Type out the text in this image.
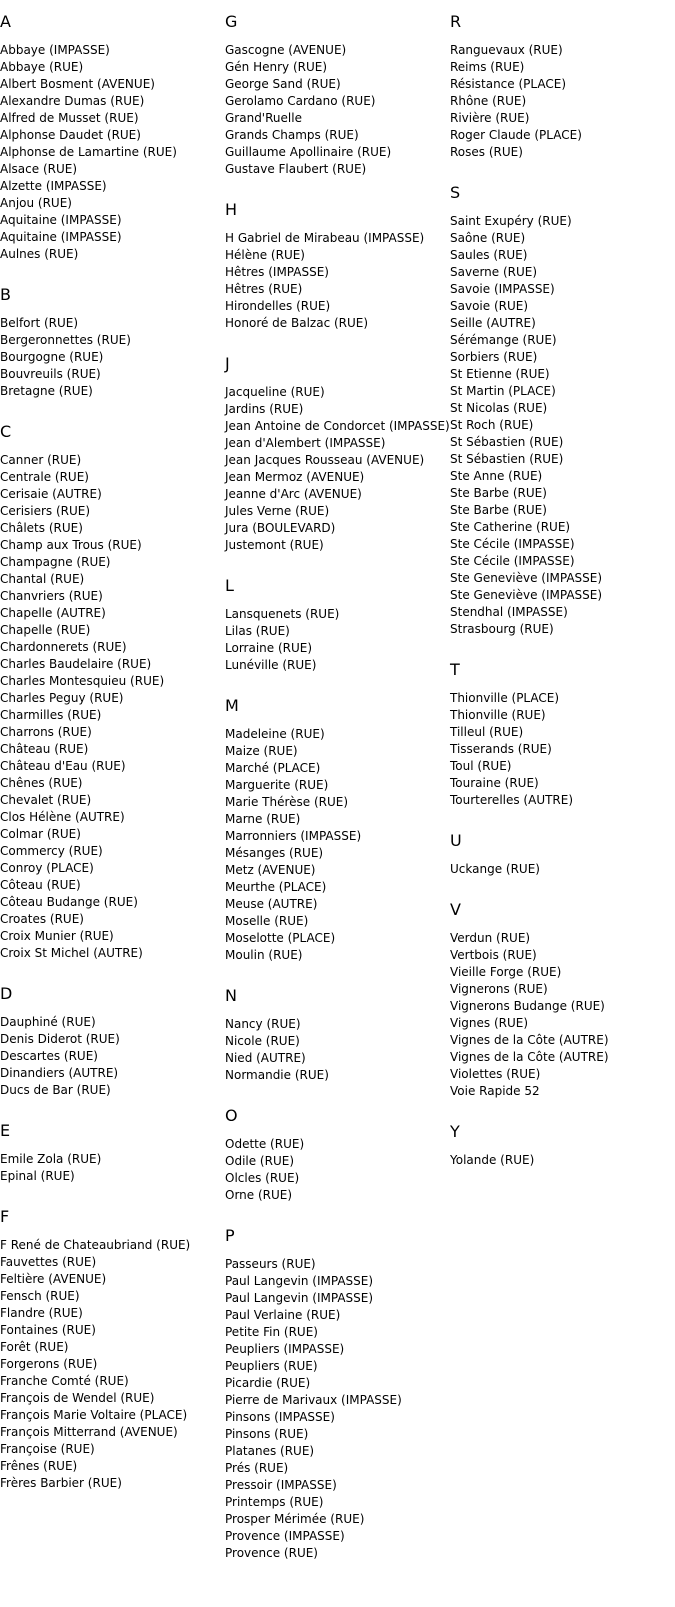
A
Abbaye (IMPASSE)
Abbaye (RUE)
Albert Bosment (AVENUE)
Alexandre Dumas (RUE)
Alfred de Musset (RUE)
Alphonse Daudet (RUE)
Alphonse de Lamartine (RUE)
Alsace (RUE)
Alzette (IMPASSE)
Anjou (RUE)
Aquitaine (IMPASSE)
Aquitaine (IMPASSE)
Aulnes (RUE)
B
Belfort (RUE)
Bergeronnettes (RUE)
Bourgogne (RUE)
Bouvreuils (RUE)
Bretagne (RUE)
C
Canner (RUE)
Centrale (RUE)
Cerisaie (AUTRE)
Cerisiers (RUE)
Châlets (RUE)
Champ aux Trous (RUE)
Champagne (RUE)
Chantal (RUE)
Chanvriers (RUE)
Chapelle (AUTRE)
Chapelle (RUE)
Chardonnerets (RUE)
Charles Baudelaire (RUE)
Charles Montesquieu (RUE)
Charles Peguy (RUE)
Charmilles (RUE)
Charrons (RUE)
Château (RUE)
Château d'Eau (RUE)
Chênes (RUE)
Chevalet (RUE)
Clos Hélène (AUTRE)
Colmar (RUE)
Commercy (RUE)
Conroy (PLACE)
Côteau (RUE)
Côteau Budange (RUE)
Croates (RUE)
Croix Munier (RUE)
Croix St Michel (AUTRE)
D
Dauphiné (RUE)
Denis Diderot (RUE)
Descartes (RUE)
Dinandiers (AUTRE)
Ducs de Bar (RUE)
E
Emile Zola (RUE)
Epinal (RUE)
F
F René de Chateaubriand (RUE)
Fauvettes (RUE)
Feltière (AVENUE)
Fensch (RUE)
Flandre (RUE)
Fontaines (RUE)
Forêt (RUE)
Forgerons (RUE)
Franche Comté (RUE)
François de Wendel (RUE)
François Marie Voltaire (PLACE)
François Mitterrand (AVENUE)
Françoise (RUE)
Frênes (RUE)
Frères Barbier (RUE)
G
Gascogne (AVENUE)
Gén Henry (RUE)
George Sand (RUE)
Gerolamo Cardano (RUE)
Grand'Ruelle
Grands Champs (RUE)
Guillaume Apollinaire (RUE)
Gustave Flaubert (RUE)
H
H Gabriel de Mirabeau (IMPASSE)
Hélène (RUE)
Hêtres (IMPASSE)
Hêtres (RUE)
Hirondelles (RUE)
Honoré de Balzac (RUE)
J
Jacqueline (RUE)
Jardins (RUE)
Jean Antoine de Condorcet (IMPASSE)
Jean d'Alembert (IMPASSE)
Jean Jacques Rousseau (AVENUE)
Jean Mermoz (AVENUE)
Jeanne d'Arc (AVENUE)
Jules Verne (RUE)
Jura (BOULEVARD)
Justemont (RUE)
L
Lansquenets (RUE)
Lilas (RUE)
Lorraine (RUE)
Lunéville (RUE)
M
Madeleine (RUE)
Maize (RUE)
Marché (PLACE)
Marguerite (RUE)
Marie Thérèse (RUE)
Marne (RUE)
Marronniers (IMPASSE)
Mésanges (RUE)
Metz (AVENUE)
Meurthe (PLACE)
Meuse (AUTRE)
Moselle (RUE)
Moselotte (PLACE)
Moulin (RUE)
N
Nancy (RUE)
Nicole (RUE)
Nied (AUTRE)
Normandie (RUE)
O
Odette (RUE)
Odile (RUE)
Olcles (RUE)
Orne (RUE)
P
Passeurs (RUE)
Paul Langevin (IMPASSE)
Paul Langevin (IMPASSE)
Paul Verlaine (RUE)
Petite Fin (RUE)
Peupliers (IMPASSE)
Peupliers (RUE)
Picardie (RUE)
Pierre de Marivaux (IMPASSE)
Pinsons (IMPASSE)
Pinsons (RUE)
Platanes (RUE)
Prés (RUE)
Pressoir (IMPASSE)
Printemps (RUE)
Prosper Mérimée (RUE)
Provence (IMPASSE)
Provence (RUE)
R
Ranguevaux (RUE)
Reims (RUE)
Résistance (PLACE)
Rhône (RUE)
Rivière (RUE)
Roger Claude (PLACE)
Roses (RUE)
S
Saint Exupéry (RUE)
Saône (RUE)
Saules (RUE)
Saverne (RUE)
Savoie (IMPASSE)
Savoie (RUE)
Seille (AUTRE)
Sérémange (RUE)
Sorbiers (RUE)
St Etienne (RUE)
St Martin (PLACE)
St Nicolas (RUE)
St Roch (RUE)
St Sébastien (RUE)
St Sébastien (RUE)
Ste Anne (RUE)
Ste Barbe (RUE)
Ste Barbe (RUE)
Ste Catherine (RUE)
Ste Cécile (IMPASSE)
Ste Cécile (IMPASSE)
Ste Geneviève (IMPASSE)
Ste Geneviève (IMPASSE)
Stendhal (IMPASSE)
Strasbourg (RUE)
T
Thionville (PLACE)
Thionville (RUE)
Tilleul (RUE)
Tisserands (RUE)
Toul (RUE)
Touraine (RUE)
Tourterelles (AUTRE)
U
Uckange (RUE)
V
Verdun (RUE)
Vertbois (RUE)
Vieille Forge (RUE)
Vignerons (RUE)
Vignerons Budange (RUE)
Vignes (RUE)
Vignes de la Côte (AUTRE)
Vignes de la Côte (AUTRE)
Violettes (RUE)
Voie Rapide 52
Y
Yolande (RUE)
